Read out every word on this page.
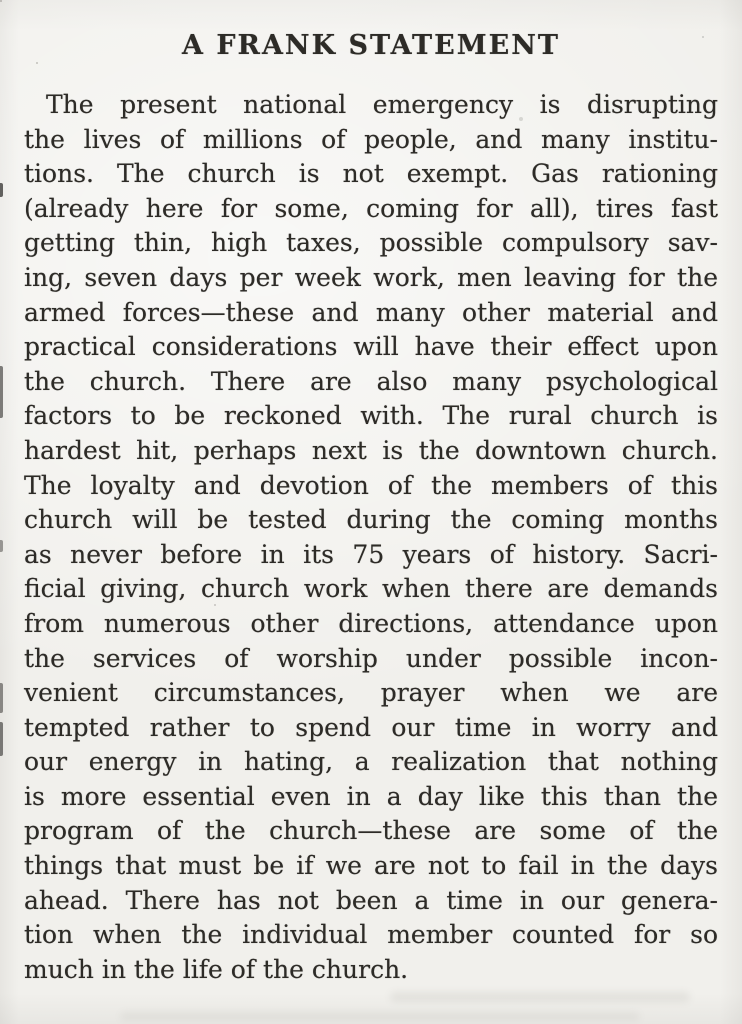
A FRANK STATEMENT
The present national emergency is disrupting
the lives of millions of people, and many institu-
tions. The church is not exempt. Gas rationing
(already here for some, coming for all), tires fast
getting thin, high taxes, possible compulsory sav-
ing, seven days per week work, men leaving for the
armed forces—these and many other material and
practical considerations will have their effect upon
the church. There are also many psychological
factors to be reckoned with. The rural church is
hardest hit, perhaps next is the downtown church.
The loyalty and devotion of the members of this
church will be tested during the coming months
as never before in its 75 years of history. Sacri-
ficial giving, church work when there are demands
from numerous other directions, attendance upon
the services of worship under possible incon-
venient circumstances, prayer when we are
tempted rather to spend our time in worry and
our energy in hating, a realization that nothing
is more essential even in a day like this than the
program of the church—these are some of the
things that must be if we are not to fail in the days
ahead. There has not been a time in our genera-
tion when the individual member counted for so
much in the life of the church.
